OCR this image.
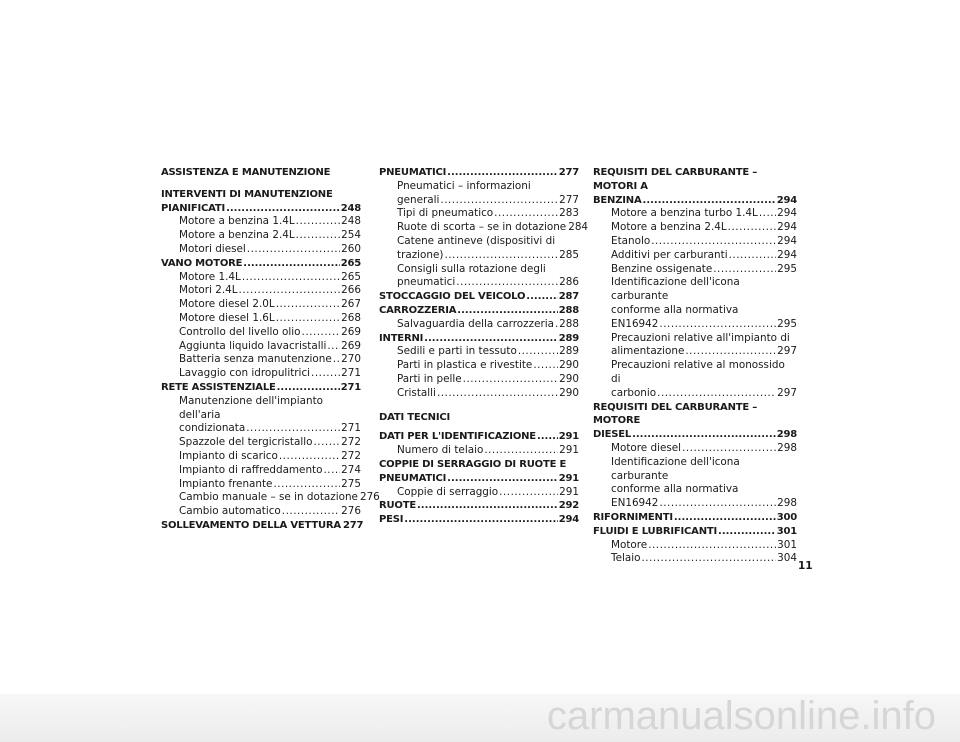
ASSISTENZA E MANUTENZIONE
INTERVENTI DI MANUTENZIONE
PIANIFICATI .....	248
Motore a benzina 1.4L .....	248
Motore a benzina 2.4L .....	254
Motori diesel .....	260
VANO MOTORE .....	265
Motore 1.4L .....	265
Motori 2.4L .....	266
Motore diesel 2.0L .....	267
Motore diesel 1.6L .....	268
Controllo del livello olio .....	269
Aggiunta liquido lavacristalli ..... 269
Batteria senza manutenzione ..... 270
Lavaggio con idropulitrici .....	271
RETE ASSISTENZIALE .....	271
Manutenzione dell'impianto dell'aria
condizionata .....	271
Spazzole del tergicristallo .....	272
Impianto di scarico .....	272
Impianto di raffreddamento ..... 274
Impianto frenante .....	275
Cambio manuale – se in dotazione 276
Cambio automatico .....	276
SOLLEVAMENTO DELLA VETTURA 277
PNEUMATICI .....	277
Pneumatici – informazioni
generali .....	277
Tipi di pneumatico .....	283
Ruote di scorta – se in dotazione 284
Catene antineve (dispositivi di
trazione) .....	285
Consigli sulla rotazione degli
pneumatici .....	286
STOCCAGGIO DEL VEICOLO .....	287
CARROZZERIA .....	288
Salvaguardia della carrozzeria ..... 288
INTERNI .....	289
Sedili e parti in tessuto .....	289
Parti in plastica e rivestite .....	290
Parti in pelle .....	290
Cristalli .....	290
DATI TECNICI
DATI PER L'IDENTIFICAZIONE ..... 291
Numero di telaio .....	291
COPPIE DI SERRAGGIO DI RUOTE E
PNEUMATICI .....	291
Coppie di serraggio .....	291
RUOTE .....	292
PESI .....	294
REQUISITI DEL CARBURANTE – MOTORI A
BENZINA .....	294
Motore a benzina turbo 1.4L ..... 294
Motore a benzina 2.4L .....	294
Etanolo .....	294
Additivi per carburanti .....	294
Benzine ossigenate .....	295
Identificazione dell'icona carburante
conforme alla normativa
EN16942 .....	295
Precauzioni relative all'impianto di
alimentazione .....	297
Precauzioni relative al monossido di
carbonio .....	297
REQUISITI DEL CARBURANTE – MOTORE
DIESEL .....	298
Motore diesel .....	298
Identificazione dell'icona carburante
conforme alla normativa
EN16942 .....	298
RIFORNIMENTI .....	300
FLUIDI E LUBRIFICANTI .....	301
Motore .....	301
Telaio .....	304
11
carmanualsonline.info
